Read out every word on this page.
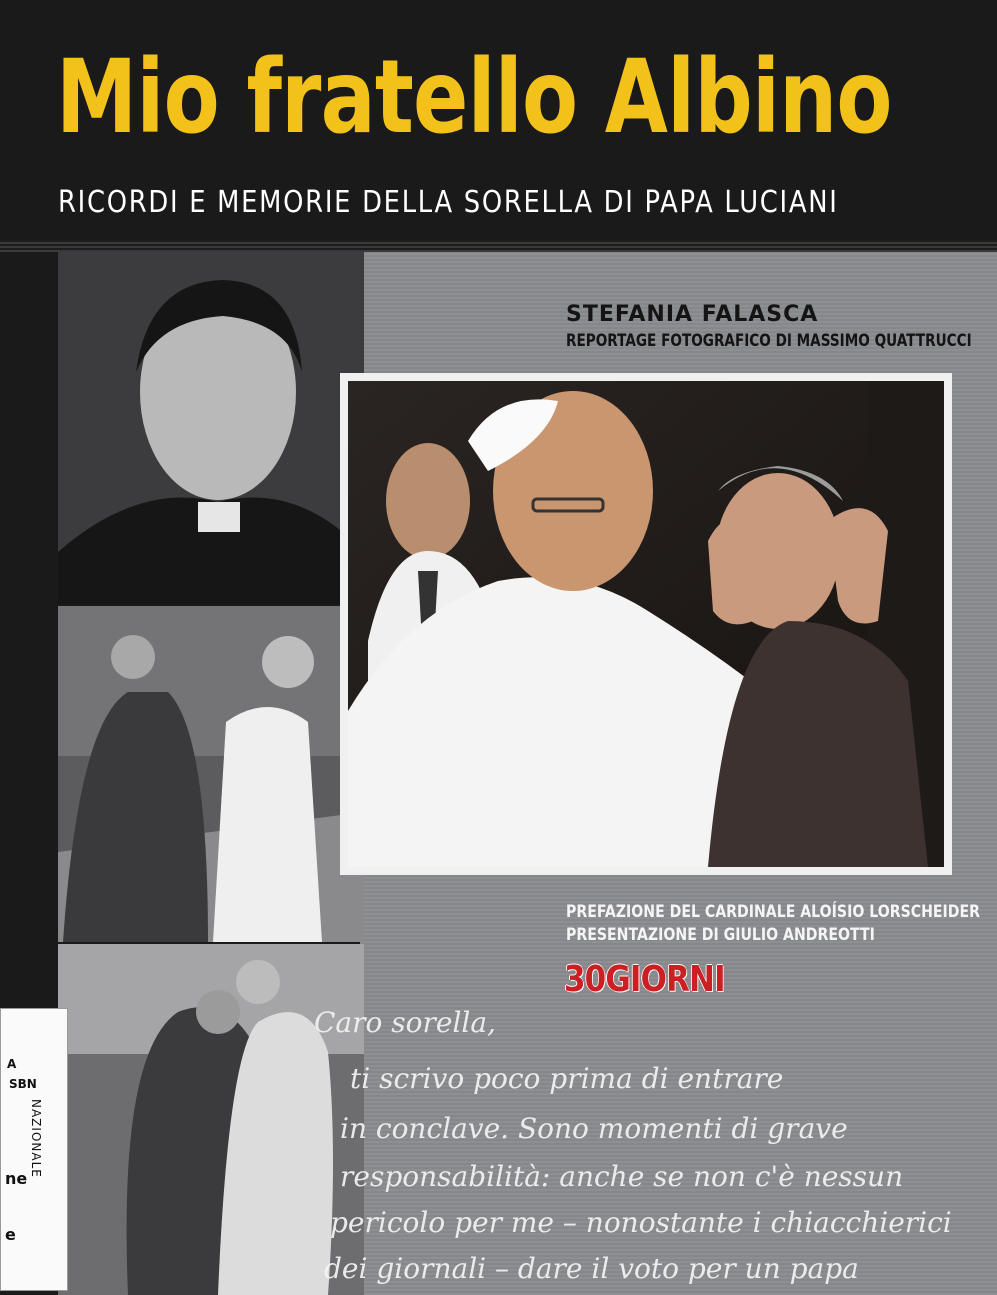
Mio fratello Albino
RICORDI E MEMORIE DELLA SORELLA DI PAPA LUCIANI
STEFANIA FALASCA
REPORTAGE FOTOGRAFICO DI MASSIMO QUATTRUCCI
PREFAZIONE DEL CARDINALE ALOÍSIO LORSCHEIDER
PRESENTAZIONE DI GIULIO ANDREOTTI
30GIORNI
Caro sorella,
ti scrivo poco prima di entrare
in conclave. Sono momenti di grave
responsabilità: anche se non c'è nessun
pericolo per me – nonostante i chiacchierici
dei giornali – dare il voto per un papa
A
SBN
NAZIONALE
ne
e
